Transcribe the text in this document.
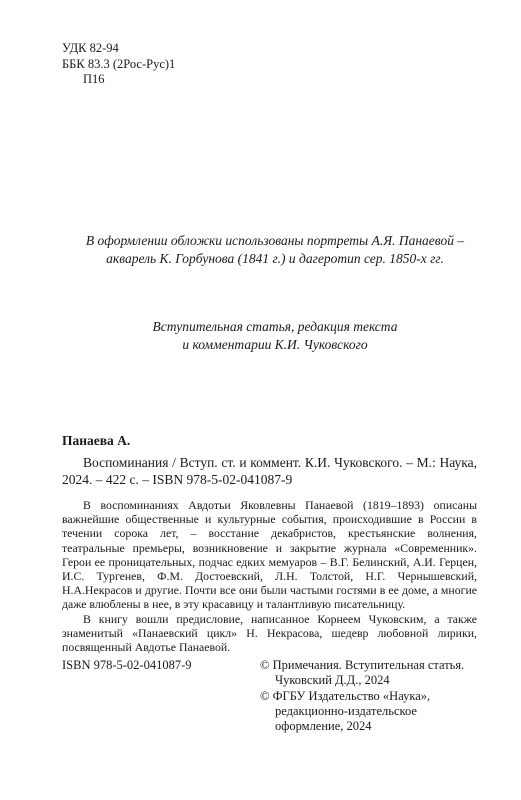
УДК 82-94
ББК 83.3 (2Рос-Рус)1
П16
В оформлении обложки использованы портреты А.Я. Панаевой –
акварель К. Горбунова (1841 г.) и дагеротип сер. 1850-х гг.
Вступительная статья, редакция текста
и комментарии К.И. Чуковского
Панаева А.
Воспоминания / Вступ. ст. и коммент. К.И. Чуковского. – М.: Наука, 2024. – 422 с. – ISBN 978-5-02-041087-9

В воспоминаниях Авдотьи Яковлевны Панаевой (1819–1893) описаны важнейшие общественные и культурные события, происходившие в России в течении сорока лет, – восстание декабристов, крестьянские волнения, театральные премьеры, возникновение и закрытие журнала «Современник». Герои ее проницательных, подчас едких мемуаров – В.Г. Белинский, А.И. Герцен, И.С. Тургенев, Ф.М. Достоевский, Л.Н. Толстой, Н.Г. Чернышевский, Н.А.Некрасов и другие. Почти все они были частыми гостями в ее доме, а многие даже влюблены в нее, в эту красавицу и талантливую писательницу.

В книгу вошли предисловие, написанное Корнеем Чуковским, а также знаменитый «Панаевский цикл» Н. Некрасова, шедевр любовной лирики, посвященный Авдотье Панаевой.

ISBN 978-5-02-041087-9	© Примечания. Вступительная статья.
Чуковский Д.Д., 2024
© ФГБУ Издательство «Наука»,
редакционно-издательское
оформление, 2024
